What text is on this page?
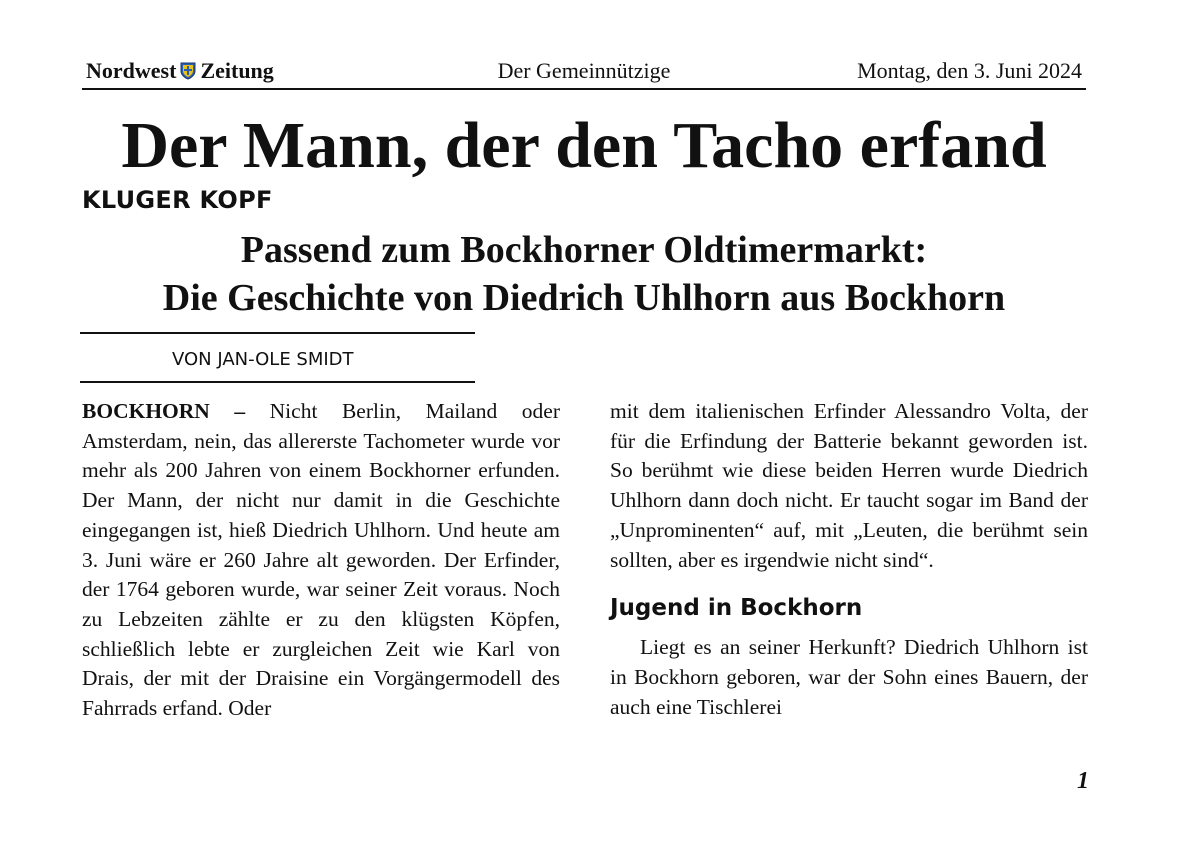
Nordwest Zeitung	Der Gemeinnützige	Montag, den 3. Juni 2024
Der Mann, der den Tacho erfand
KLUGER KOPF
Passend zum Bockhorner Oldtimermarkt:
Die Geschichte von Diedrich Uhlhorn aus Bockhorn
VON JAN-OLE SMIDT

BOCKHORN – Nicht Berlin, Mailand oder Amsterdam, nein, das allererste Tachometer wurde vor mehr als 200 Jahren von einem Bockhorner erfunden. Der Mann, der nicht nur damit in die Geschichte eingegangen ist, hieß Diedrich Uhlhorn. Und heute am 3. Juni wäre er 260 Jahre alt geworden. Der Erfinder, der 1764 geboren wurde, war seiner Zeit voraus. Noch zu Lebzeiten zählte er zu den klügsten Köpfen, schließlich lebte er zurgleichen Zeit wie Karl von Drais, der mit der Draisine ein Vorgängermodell des Fahrrads erfand. Oder

mit dem italienischen Erfinder Alessandro Volta, der für die Erfindung der Batterie bekannt geworden ist. So berühmt wie diese beiden Herren wurde Diedrich Uhlhorn dann doch nicht. Er taucht sogar im Band der „Unprominenten“ auf, mit „Leuten, die berühmt sein sollten, aber es irgendwie nicht sind“.

Jugend in Bockhorn

Liegt es an seiner Herkunft? Diedrich Uhlhorn ist in Bockhorn geboren, war der Sohn eines Bauern, der auch eine Tischlerei

1
